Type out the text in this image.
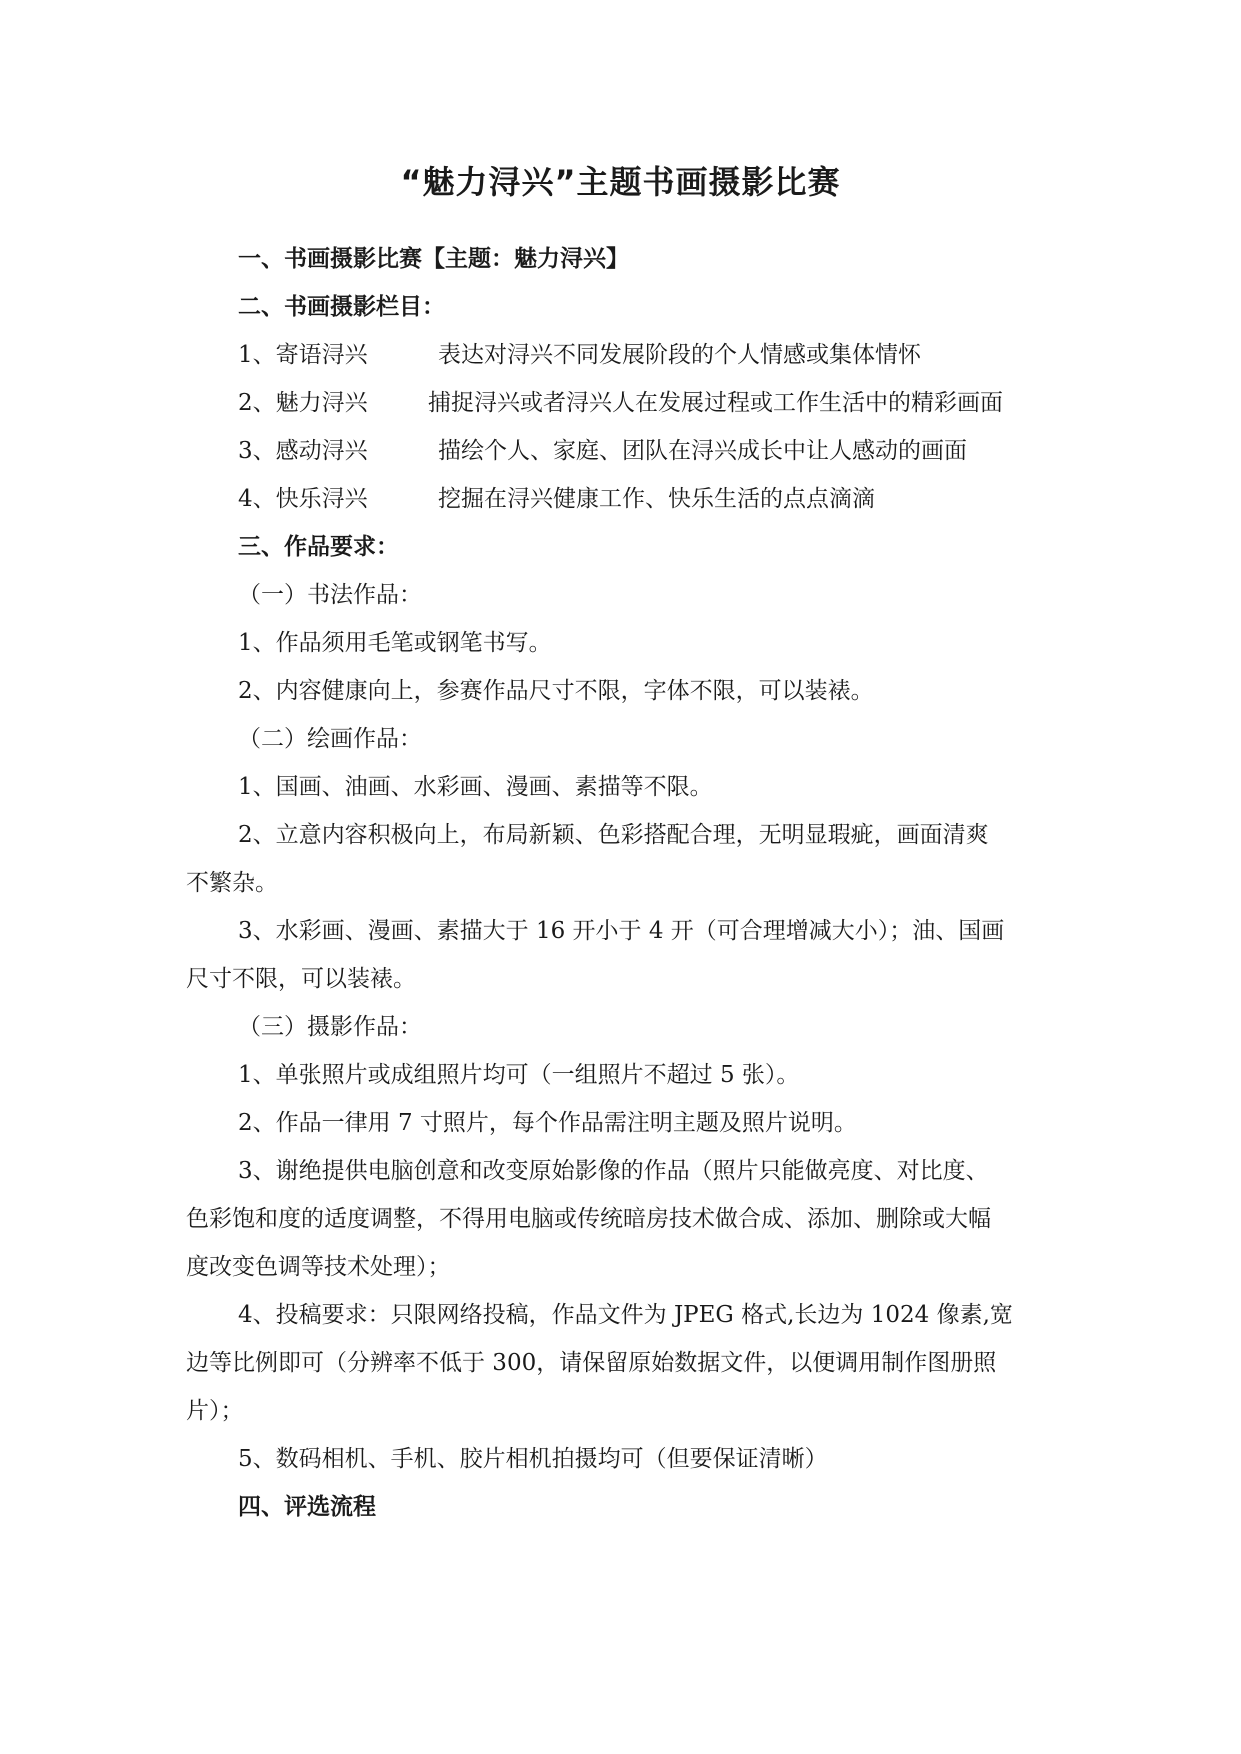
“魅力浔兴”主题书画摄影比赛
一、书画摄影比赛【主题：魅力浔兴】
二、书画摄影栏目：
1、寄语浔兴	表达对浔兴不同发展阶段的个人情感或集体情怀
2、魅力浔兴	捕捉浔兴或者浔兴人在发展过程或工作生活中的精彩画面
3、感动浔兴	描绘个人、家庭、团队在浔兴成长中让人感动的画面
4、快乐浔兴	挖掘在浔兴健康工作、快乐生活的点点滴滴
三、作品要求：
（一）书法作品：
1、作品须用毛笔或钢笔书写。
2、内容健康向上，参赛作品尺寸不限，字体不限，可以装裱。
（二）绘画作品：
1、国画、油画、水彩画、漫画、素描等不限。
2、立意内容积极向上，布局新颖、色彩搭配合理，无明显瑕疵，画面清爽
不繁杂。
3、水彩画、漫画、素描大于 16 开小于 4 开（可合理增减大小）；油、国画
尺寸不限，可以装裱。
（三）摄影作品：
1、单张照片或成组照片均可（一组照片不超过 5 张）。
2、作品一律用 7 寸照片，每个作品需注明主题及照片说明。
3、谢绝提供电脑创意和改变原始影像的作品（照片只能做亮度、对比度、
色彩饱和度的适度调整，不得用电脑或传统暗房技术做合成、添加、删除或大幅
度改变色调等技术处理）；
4、投稿要求：只限网络投稿，作品文件为 JPEG 格式,长边为 1024 像素,宽
边等比例即可（分辨率不低于 300，请保留原始数据文件，以便调用制作图册照
片）；
5、数码相机、手机、胶片相机拍摄均可（但要保证清晰）
四、评选流程
